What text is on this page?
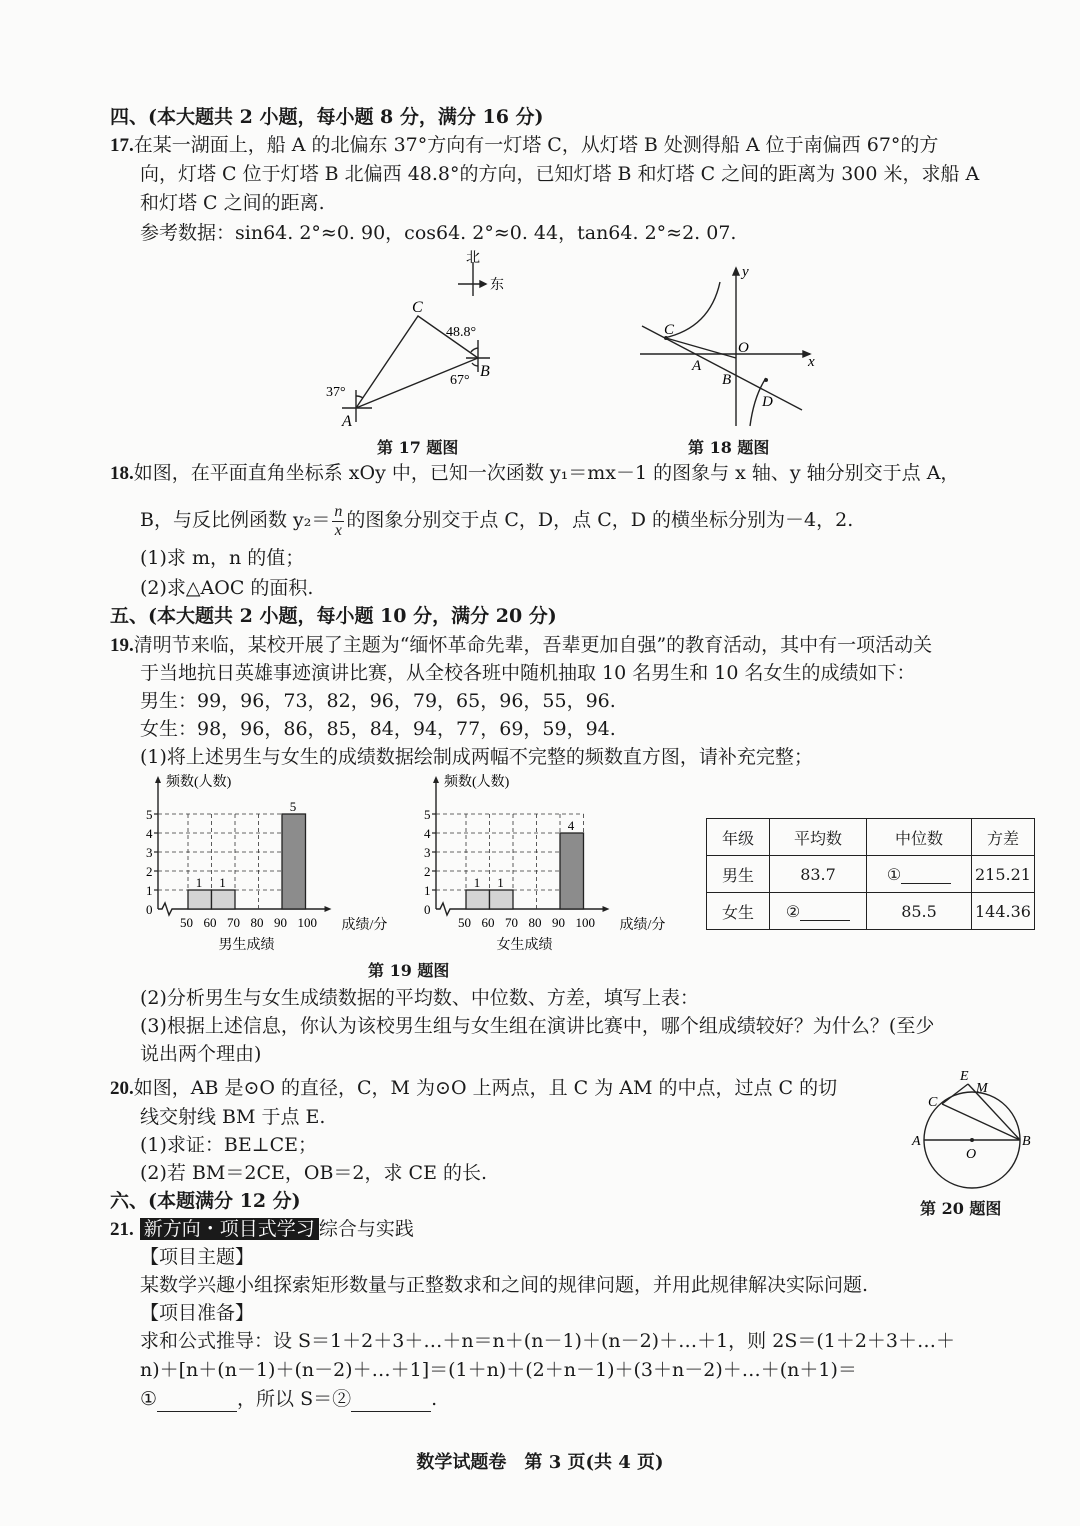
四、(本大题共 2 小题，每小题 8 分，满分 16 分)
17.在某一湖面上，船 A 的北偏东 37°方向有一灯塔 C，从灯塔 B 处测得船 A 位于南偏西 67°的方
向，灯塔 C 位于灯塔 B 北偏西 48.8°的方向，已知灯塔 B 和灯塔 C 之间的距离为 300 米，求船 A
和灯塔 C 之间的距离.
参考数据：sin64. 2°≈0. 90，cos64. 2°≈0. 44，tan64. 2°≈2. 07.
北
东
C
B
A
48.8°
67°
37°
第 17 题图
y
x
O
C
A
B
D
第 18 题图
18.如图，在平面直角坐标系 xOy 中，已知一次函数 y₁＝mx－1 的图象与 x 轴、y 轴分别交于点 A，
B，与反比例函数 $y_2= \frac{n}{x}$ 的图象分别交于点 C，D，点 C，D 的横坐标分别为－4，2.
(1)求 m，n 的值；
(2)求△AOC 的面积.
五、(本大题共 2 小题，每小题 10 分，满分 20 分)
19.清明节来临，某校开展了主题为“缅怀革命先辈，吾辈更加自强”的教育活动，其中有一项活动关
于当地抗日英雄事迹演讲比赛，从全校各班中随机抽取 10 名男生和 10 名女生的成绩如下：
男生：99，96，73，82，96，79，65，96，55，96.
女生：98，96，86，85，84，94，77，69，59，94.
(1)将上述男生与女生的成绩数据绘制成两幅不完整的频数直方图，请补充完整；
0
1
2
3
4
5
50 60 70 80 90 100
1 1
5
频数(人数)
成绩/分
男生成绩
0
1
2
3
4
5
50 60 70 80 90 100
1 1
4
频数(人数)
成绩/分
女生成绩
年级	平均数	中位数	方差
男生	83.7	①	215.21
女生	②	85.5	144.36
第 19 题图
(2)分析男生与女生成绩数据的平均数、中位数、方差，填写上表：
(3)根据上述信息，你认为该校男生组与女生组在演讲比赛中，哪个组成绩较好？为什么？(至少
说出两个理由)
20.如图，AB 是⊙O 的直径，C，M 为⊙O 上两点，且 C 为 AM 的中点，过点 C 的切
线交射线 BM 于点 E.
(1)求证：BE⊥CE；
(2)若 BM＝2CE，OB＝2，求 CE 的长.
E
M
C
A	B
O
第 20 题图
六、(本题满分 12 分)
21. 新方向・项目式学习 综合与实践
【项目主题】
某数学兴趣小组探索矩形数量与正整数求和之间的规律问题，并用此规律解决实际问题.
【项目准备】
求和公式推导：设 S＝1＋2＋3＋…＋n＝n＋(n－1)＋(n－2)＋…＋1，则 2S＝(1＋2＋3＋…＋
n)＋[n＋(n－1)＋(n－2)＋…＋1]＝(1＋n)＋(2＋n－1)＋(3＋n－2)＋…＋(n＋1)＝
①	，所以 S＝②	.
数学试题卷　第 3 页(共 4 页)
